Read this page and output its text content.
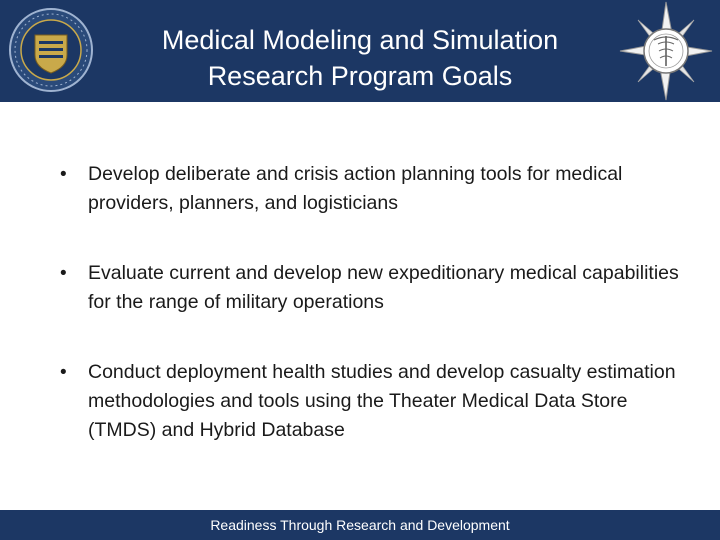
Medical Modeling and Simulation
Research Program Goals
• Develop deliberate and crisis action planning tools for medical providers, planners, and logisticians
• Evaluate current and develop new expeditionary medical capabilities for the range of military operations
• Conduct deployment health studies and develop casualty estimation methodologies and tools using the Theater Medical Data Store (TMDS) and Hybrid Database
Readiness Through Research and Development
